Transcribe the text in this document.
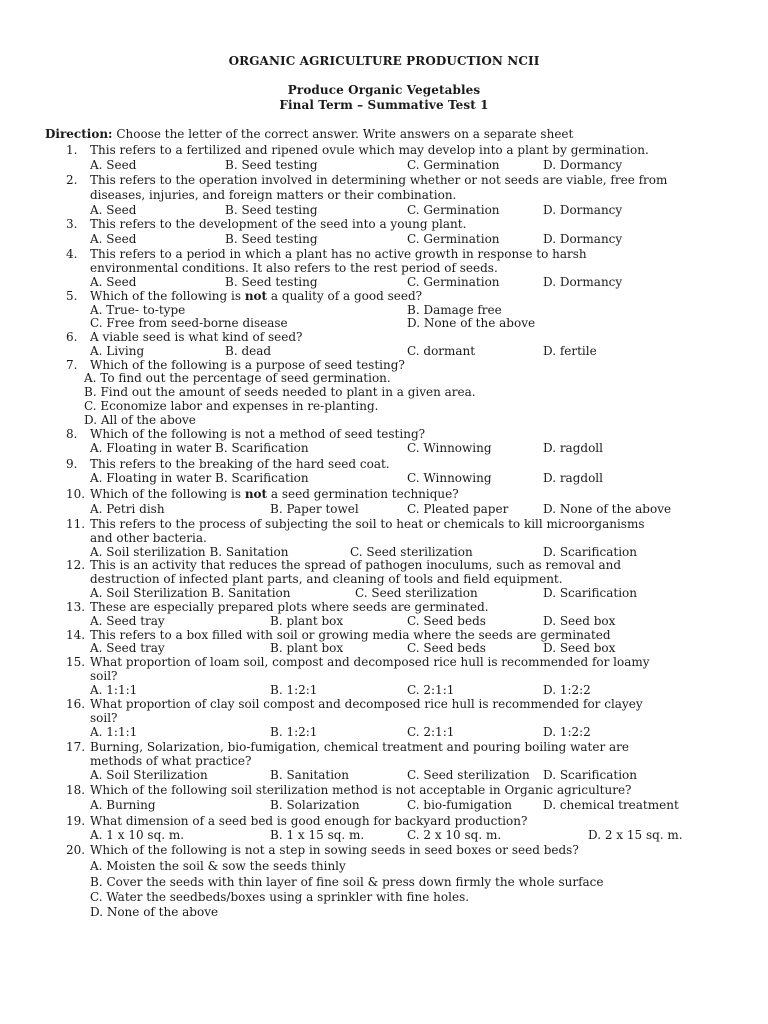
ORGANIC AGRICULTURE PRODUCTION NCII
Produce Organic Vegetables
Final Term – Summative Test 1
Direction: Choose the letter of the correct answer. Write answers on a separate sheet
1. This refers to a fertilized and ripened ovule which may develop into a plant by germination.
A. Seed	B. Seed testing	C. Germination	D. Dormancy
2. This refers to the operation involved in determining whether or not seeds are viable, free from
diseases, injuries, and foreign matters or their combination.
A. Seed	B. Seed testing	C. Germination	D. Dormancy
3. This refers to the development of the seed into a young plant.
A. Seed	B. Seed testing	C. Germination	D. Dormancy
4. This refers to a period in which a plant has no active growth in response to harsh
environmental conditions. It also refers to the rest period of seeds.
A. Seed	B. Seed testing	C. Germination	D. Dormancy
5. Which of the following is not a quality of a good seed?
A. True- to-type	B. Damage free
C. Free from seed-borne disease	D. None of the above
6. A viable seed is what kind of seed?
A. Living	B. dead	C. dormant	D. fertile
7. Which of the following is a purpose of seed testing?
A. To find out the percentage of seed germination.
B. Find out the amount of seeds needed to plant in a given area.
C. Economize labor and expenses in re-planting.
D. All of the above
8. Which of the following is not a method of seed testing?
A. Floating in water B. Scarification	C. Winnowing	D. ragdoll
9. This refers to the breaking of the hard seed coat.
A. Floating in water B. Scarification	C. Winnowing	D. ragdoll
10. Which of the following is not a seed germination technique?
A. Petri dish	B. Paper towel	C. Pleated paper	D. None of the above
11. This refers to the process of subjecting the soil to heat or chemicals to kill microorganisms
and other bacteria.
A. Soil sterilization B. Sanitation	C. Seed sterilization	D. Scarification
12. This is an activity that reduces the spread of pathogen inoculums, such as removal and
destruction of infected plant parts, and cleaning of tools and field equipment.
A. Soil Sterilization B. Sanitation	C. Seed sterilization	D. Scarification
13. These are especially prepared plots where seeds are germinated.
A. Seed tray	B. plant box	C. Seed beds	D. Seed box
14. This refers to a box filled with soil or growing media where the seeds are germinated
A. Seed tray	B. plant box	C. Seed beds	D. Seed box
15. What proportion of loam soil, compost and decomposed rice hull is recommended for loamy
soil?
A. 1:1:1	B. 1:2:1	C. 2:1:1	D. 1:2:2
16. What proportion of clay soil compost and decomposed rice hull is recommended for clayey
soil?
A. 1:1:1	B. 1:2:1	C. 2:1:1	D. 1:2:2
17. Burning, Solarization, bio-fumigation, chemical treatment and pouring boiling water are
methods of what practice?
A. Soil Sterilization	B. Sanitation	C. Seed sterilization D. Scarification
18. Which of the following soil sterilization method is not acceptable in Organic agriculture?
A. Burning	B. Solarization	C. bio-fumigation	D. chemical treatment
19. What dimension of a seed bed is good enough for backyard production?
A. 1 x 10 sq. m.	B. 1 x 15 sq. m.	C. 2 x 10 sq. m.	D. 2 x 15 sq. m.
20. Which of the following is not a step in sowing seeds in seed boxes or seed beds?
A. Moisten the soil & sow the seeds thinly
B. Cover the seeds with thin layer of fine soil & press down firmly the whole surface
C. Water the seedbeds/boxes using a sprinkler with fine holes.
D. None of the above
